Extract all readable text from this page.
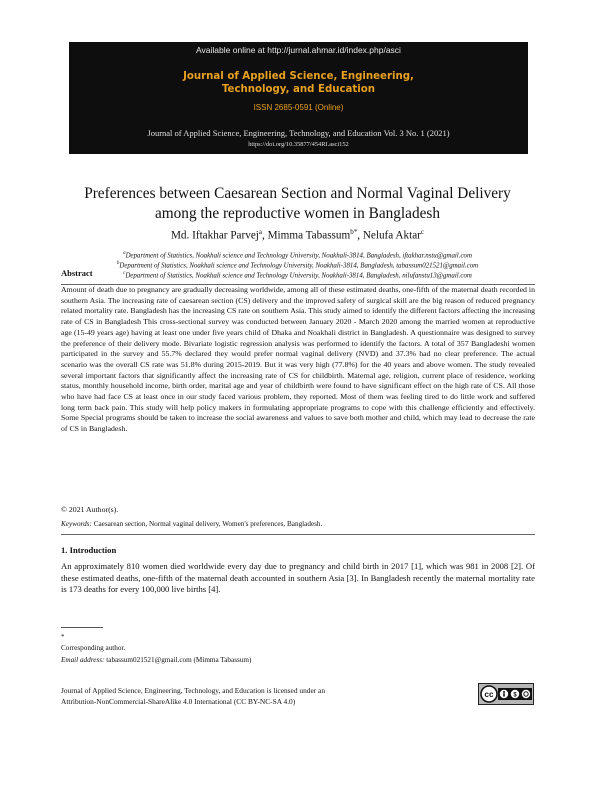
Available online at http://jurnal.ahmar.id/index.php/asci
Journal of Applied Science, Engineering,
Technology, and Education
ISSN 2685-0591 (Online)
Journal of Applied Science, Engineering, Technology, and Education Vol. 3 No. 1 (2021)
https://doi.org/10.35877/454RI.asci152
Preferences between Caesarean Section and Normal Vaginal Delivery
among the reproductive women in Bangladesh
Md. Iftakhar Parvej$^a$, Mimma Tabassum$^{b*}$, Nelufa Aktar$^c$
$^a$Department of Statistics, Noakhali science and Technology University, Noakhali-3814, Bangladesh, iftakhar.nstu@gmail.com
$^b$Department of Statistics, Noakhali science and Technology University, Noakhali-3814, Bangladesh, tabassum021521@gmail.com
$^c$Department of Statistics, Noakhali science and Technology University, Noakhali-3814, Bangladesh, nilufanstu13@gmail.com
Abstract
Amount of death due to pregnancy are gradually decreasing worldwide, among all of these estimated deaths, one-fifth of the maternal death recorded in southern Asia. The increasing rate of caesarean section (CS) delivery and the improved safety of surgical skill are the big reason of reduced pregnancy related mortality rate. Bangladesh has the increasing CS rate on southern Asia. This study aimed to identify the different factors affecting the increasing rate of CS in Bangladesh This cross-sectional survey was conducted between January 2020 - March 2020 among the married women at reproductive age (15-49 years age) having at least one under five years child of Dhaka and Noakhali district in Bangladesh. A questionnaire was designed to survey the preference of their delivery mode. Bivariate logistic regression analysis was performed to identify the factors. A total of 357 Bangladeshi women participated in the survey and 55.7% declared they would prefer normal vaginal delivery (NVD) and 37.3% had no clear preference. The actual scenario was the overall CS rate was 51.8% during 2015-2019. But it was very high (77.8%) for the 40 years and above women. The study revealed several important factors that significantly affect the increasing rate of CS for childbirth. Maternal age, religion, current place of residence, working status, monthly household income, birth order, marital age and year of childbirth were found to have significant effect on the high rate of CS. All those who have had face CS at least once in our study faced various problem, they reported. Most of them was feeling tired to do little work and suffered long term back pain. This study will help policy makers in formulating appropriate programs to cope with this challenge efficiently and effectively. Some Special programs should be taken to increase the social awareness and values to save both mother and child, which may lead to decrease the rate of CS in Bangladesh.
© 2021 Author(s).
Keywords: Caesarean section, Normal vaginal delivery, Women's preferences, Bangladesh.
1. Introduction
An approximately 810 women died worldwide every day due to pregnancy and child birth in 2017 [1], which was 981 in 2008 [2]. Of these estimated deaths, one-fifth of the maternal death accounted in southern Asia [3]. In Bangladesh recently the maternal mortality rate is 173 deaths for every 100,000 live births [4].
*
Corresponding author.
Email address: tabassum021521@gmail.com (Mimma Tabassum)
Journal of Applied Science, Engineering, Technology, and Education is licensed under an
Attribution-NonCommercial-ShareAlike 4.0 International (CC BY-NC-SA 4.0)
cc	$
